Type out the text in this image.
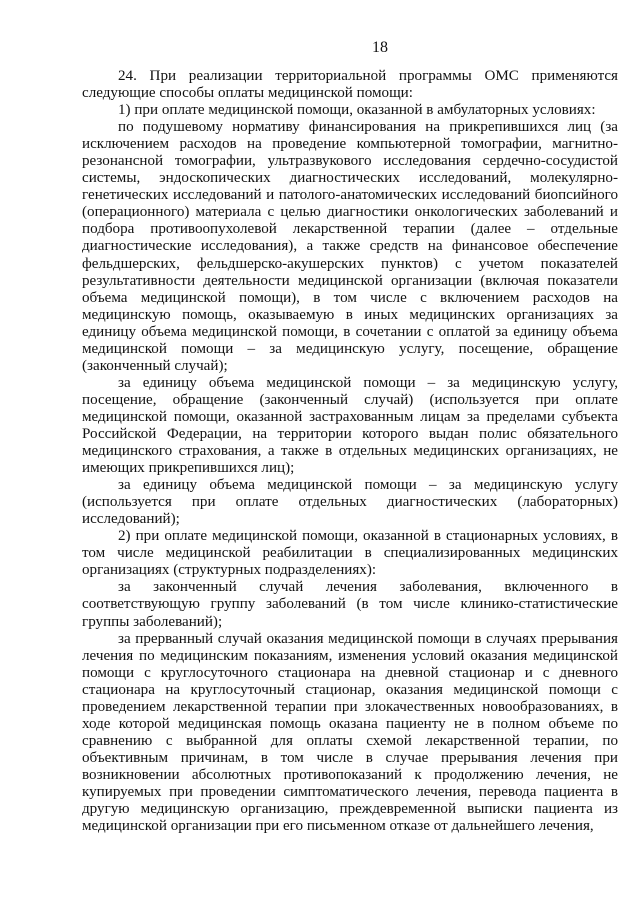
18

24. При реализации территориальной программы ОМС применяются следующие способы оплаты медицинской помощи:

1) при оплате медицинской помощи, оказанной в амбулаторных условиях:

по подушевому нормативу финансирования на прикрепившихся лиц (за исключением расходов на проведение компьютерной томографии, магнитно-резонансной томографии, ультразвукового исследования сердечно-сосудистой системы, эндоскопических диагностических исследований, молекулярно-генетических исследований и патолого-анатомических исследований биопсийного (операционного) материала с целью диагностики онкологических заболеваний и подбора противоопухолевой лекарственной терапии (далее – отдельные диагностические исследования), а также средств на финансовое обеспечение фельдшерских, фельдшерско-акушерских пунктов) с учетом показателей результативности деятельности медицинской организации (включая показатели объема медицинской помощи), в том числе с включением расходов на медицинскую помощь, оказываемую в иных медицинских организациях за единицу объема медицинской помощи, в сочетании с оплатой за единицу объема медицинской помощи – за медицинскую услугу, посещение, обращение (законченный случай);

за единицу объема медицинской помощи – за медицинскую услугу, посещение, обращение (законченный случай) (используется при оплате медицинской помощи, оказанной застрахованным лицам за пределами субъекта Российской Федерации, на территории которого выдан полис обязательного медицинского страхования, а также в отдельных медицинских организациях, не имеющих прикрепившихся лиц);

за единицу объема медицинской помощи – за медицинскую услугу (используется при оплате отдельных диагностических (лабораторных) исследований);

2) при оплате медицинской помощи, оказанной в стационарных условиях, в том числе медицинской реабилитации в специализированных медицинских организациях (структурных подразделениях):

за законченный случай лечения заболевания, включенного в соответствующую группу заболеваний (в том числе клинико-статистические группы заболеваний);

за прерванный случай оказания медицинской помощи в случаях прерывания лечения по медицинским показаниям, изменения условий оказания медицинской помощи с круглосуточного стационара на дневной стационар и с дневного стационара на круглосуточный стационар, оказания медицинской помощи с проведением лекарственной терапии при злокачественных новообразованиях, в ходе которой медицинская помощь оказана пациенту не в полном объеме по сравнению с выбранной для оплаты схемой лекарственной терапии, по объективным причинам, в том числе в случае прерывания лечения при возникновении абсолютных противопоказаний к продолжению лечения, не купируемых при проведении симптоматического лечения, перевода пациента в другую медицинскую организацию, преждевременной выписки пациента из медицинской организации при его письменном отказе от дальнейшего лечения,
